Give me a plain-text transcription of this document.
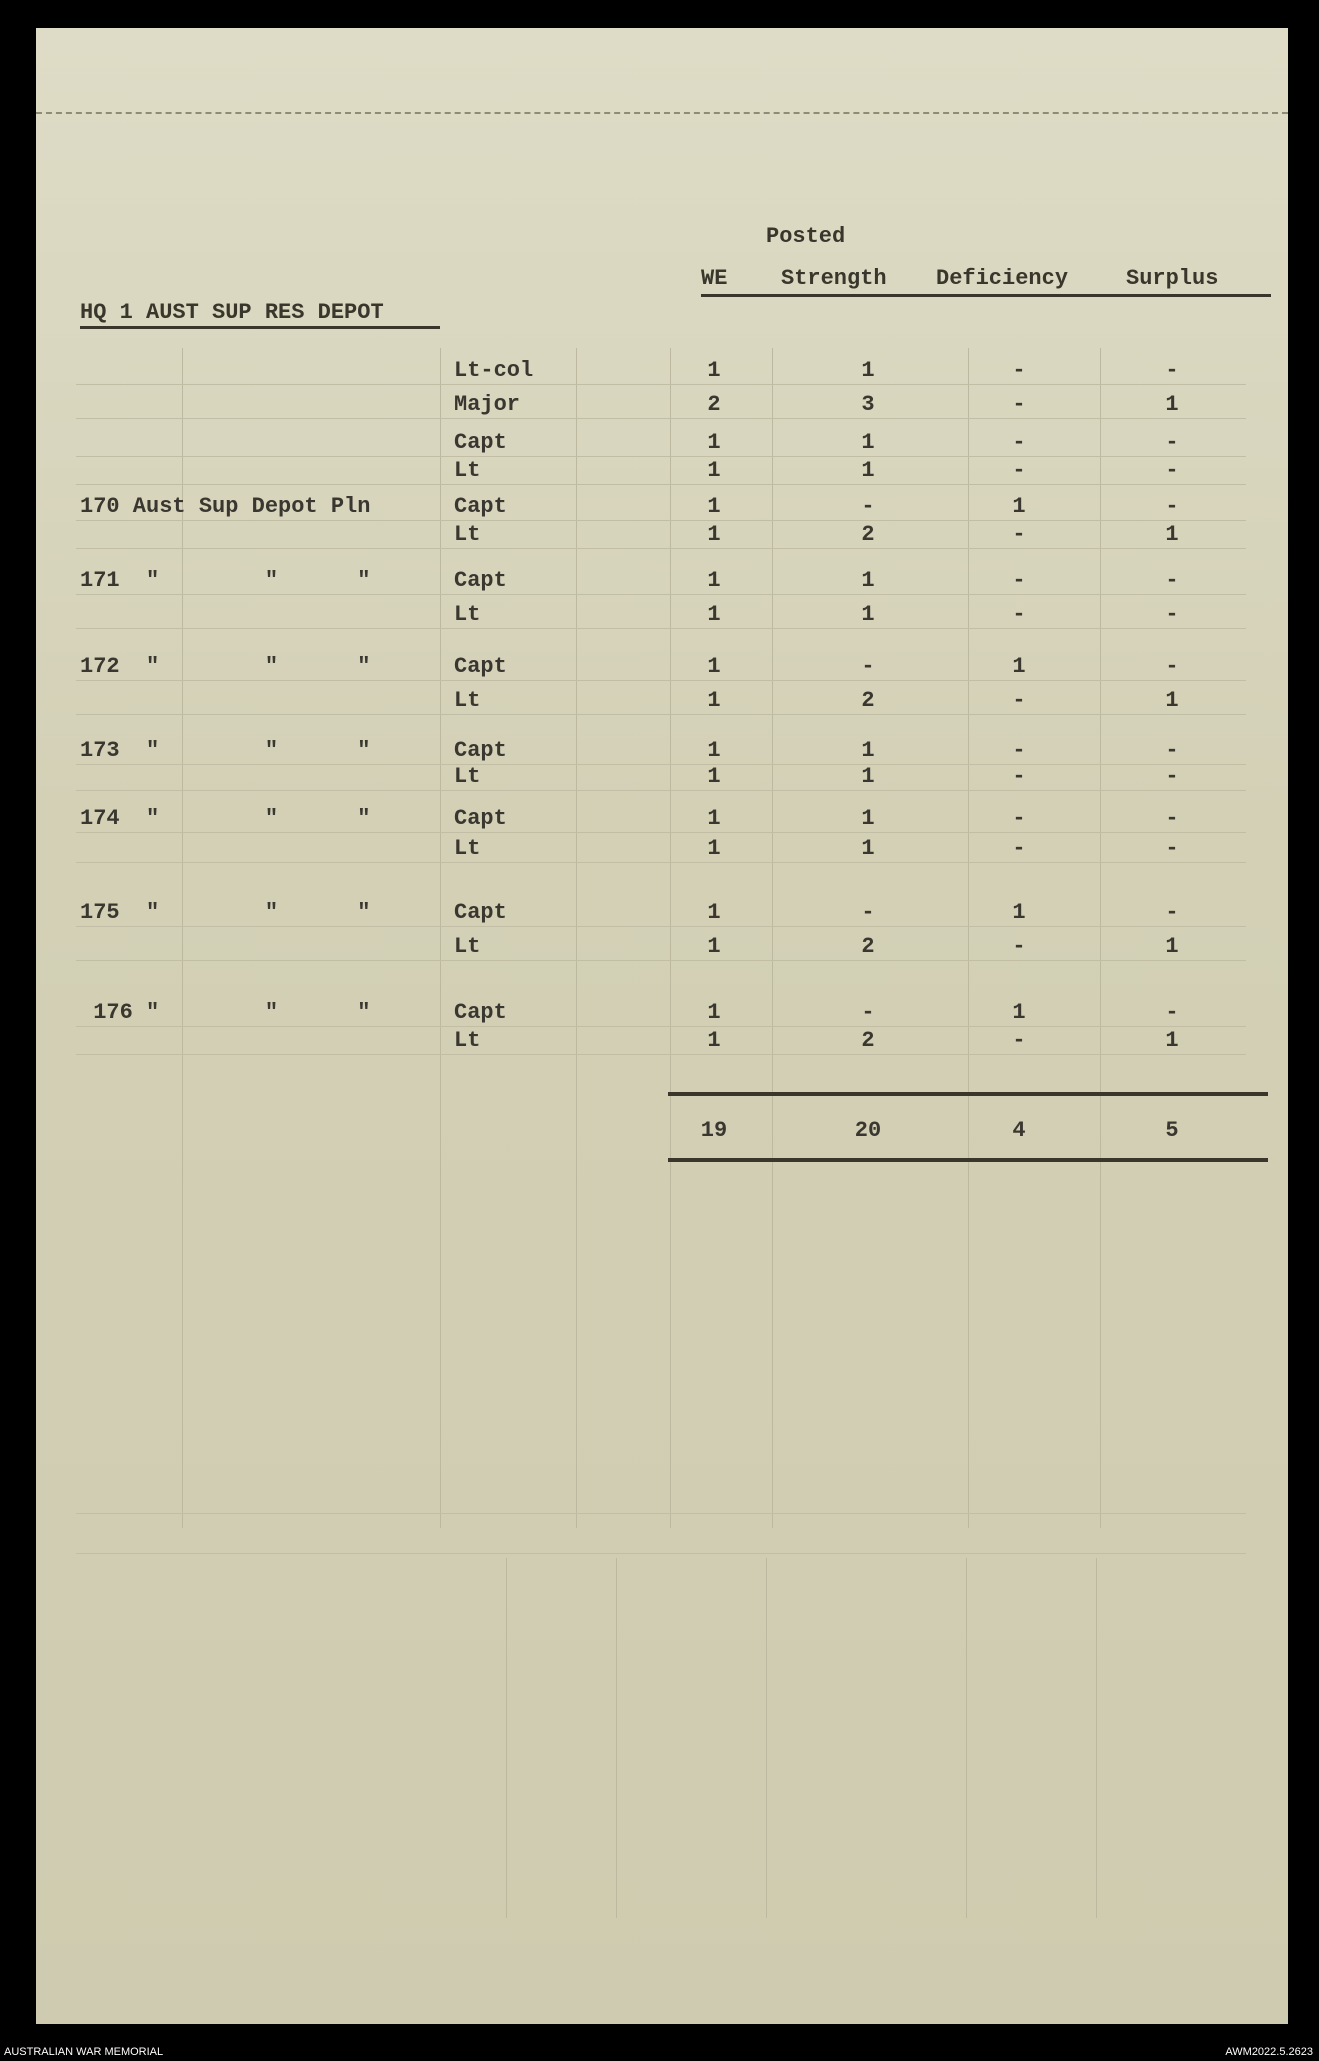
Posted
WE Strength Deficiency	Surplus
HQ 1 AUST SUP RES DEPOT
Lt-col	1	1	-	-
Major	2	3	-	1
Capt	1	1	-	-
Lt	1	1	-	-
170 Aust Sup Depot Pln	Capt	1	-	1	-
Lt	1	2	-	1
171  "        "      "	Capt	1	1	-	-
Lt	1	1	-	-
172  "        "      "	Capt	1	-	1	-
Lt	1	2	-	1
173  "        "      "	Capt	1	1	-	-
Lt	1	1	-	-
174  "        "      "	Capt	1	1	-	-
Lt	1	1	-	-
175  "        "      "	Capt	1	-	1	-
Lt	1	2	-	1
176 "        "      "	Capt	1	-	1	-
Lt	1	2	-	1
19	20	4	5
AUSTRALIAN WAR MEMORIAL	AWM2022.5.2623
